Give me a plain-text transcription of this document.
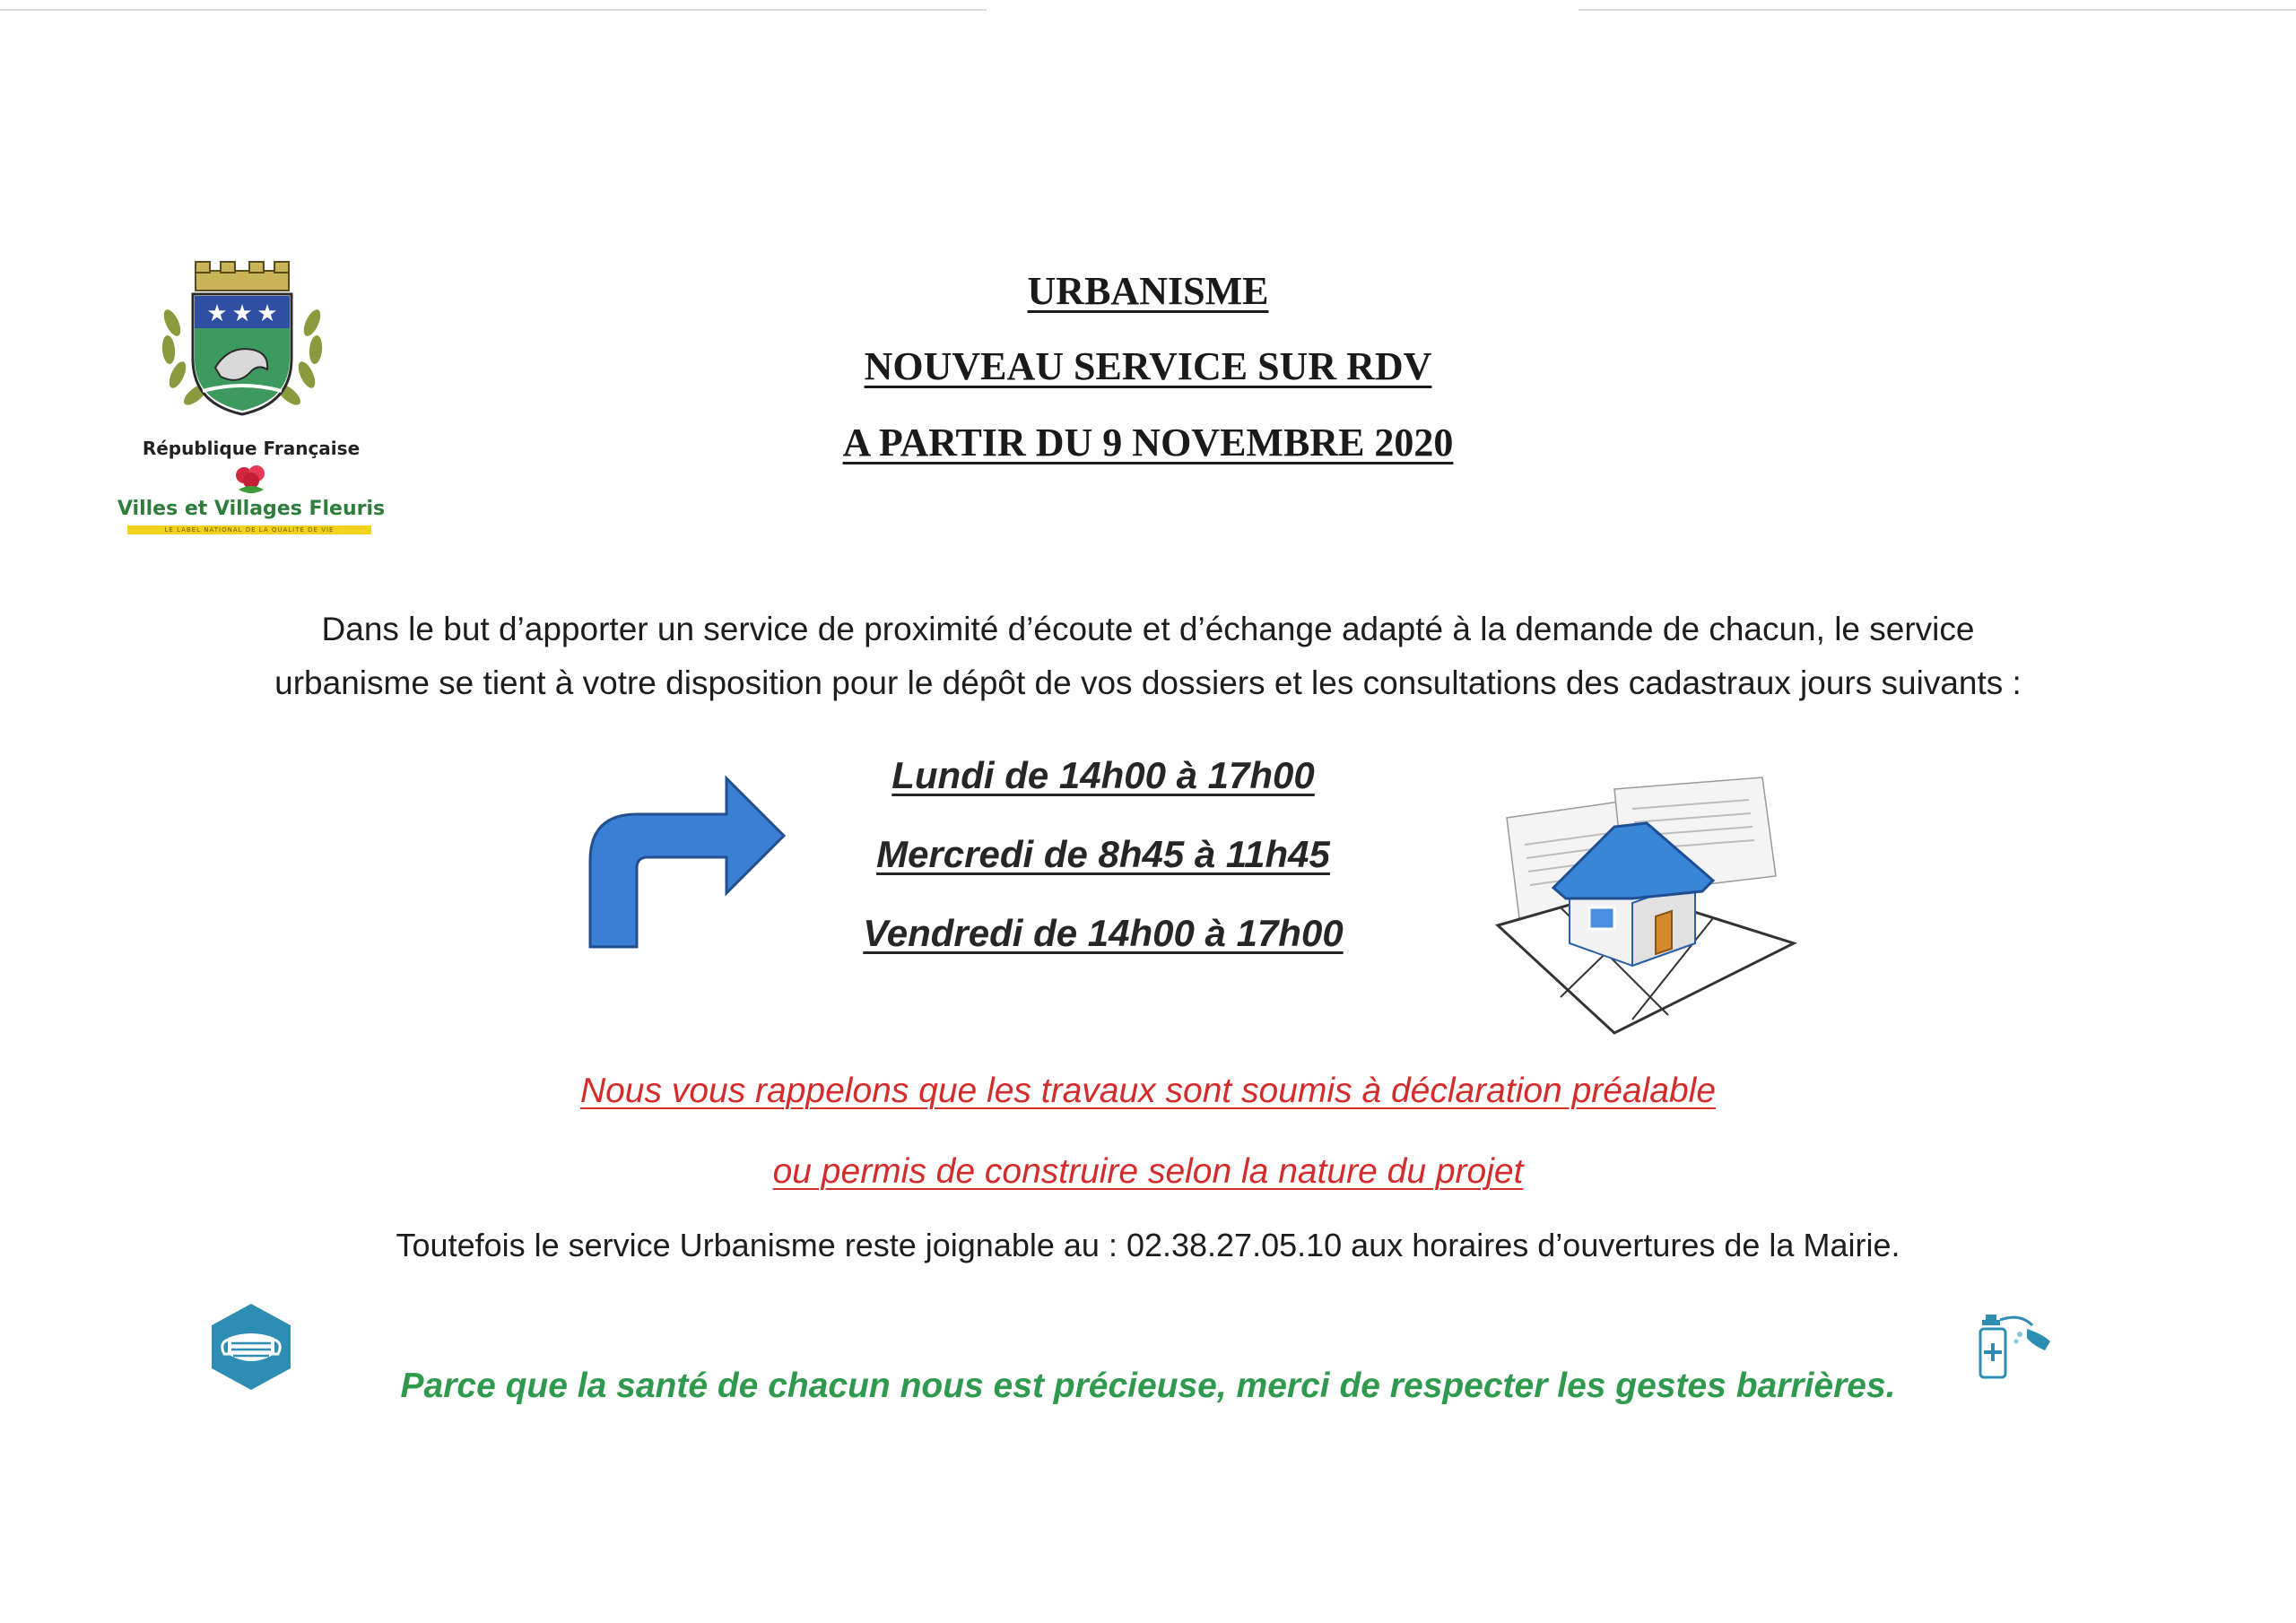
★ ★ ★
République Française
Villes et Villages Fleuris
LE LABEL NATIONAL DE LA QUALITÉ DE VIE
URBANISME
NOUVEAU SERVICE SUR RDV
A PARTIR DU 9 NOVEMBRE 2020
Dans le but d’apporter un service de proximité d’écoute et d’échange adapté à la demande de chacun, le service
urbanisme se tient à votre disposition pour le dépôt de vos dossiers et les consultations des cadastraux jours suivants :
Lundi de 14h00 à 17h00
Mercredi de 8h45 à 11h45
Vendredi de 14h00 à 17h00
Nous vous rappelons que les travaux sont soumis à déclaration préalable
ou permis de construire selon la nature du projet
Toutefois le service Urbanisme reste joignable au : 02.38.27.05.10 aux horaires d’ouvertures de la Mairie.
Parce que la santé de chacun nous est précieuse, merci de respecter les gestes barrières.
